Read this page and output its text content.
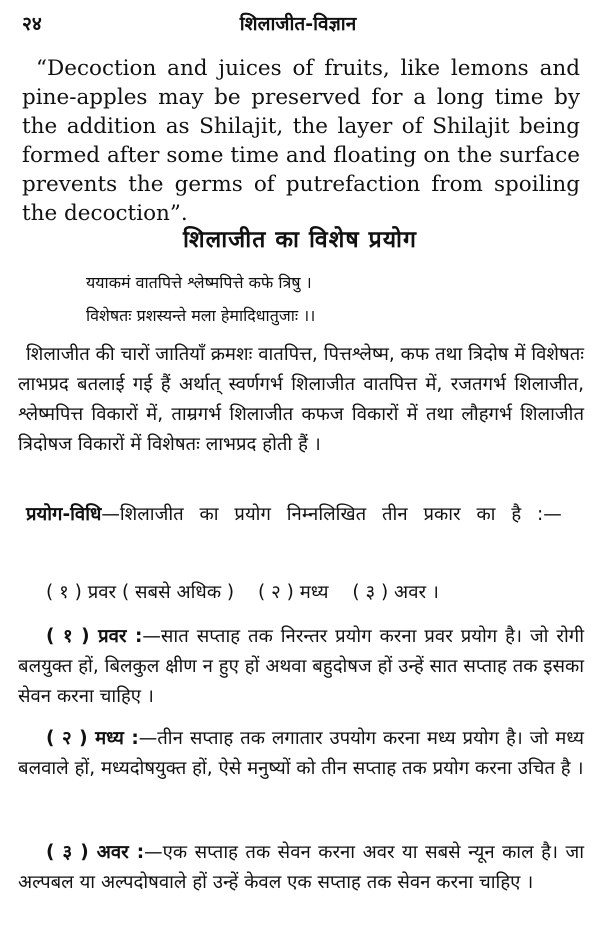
२४	शिलाजीत-विज्ञान

“Decoction and juices of fruits, like lemons and pine-apples may be preserved for a long time by the addition as Shilajit, the layer of Shilajit being formed after some time and floating on the surface prevents the germs of putrefaction from spoiling the decoction”.

शिलाजीत का विशेष प्रयोग
ययाकमं वातपित्ते श्लेष्मपित्ते कफे त्रिषु ।
विशेषतः प्रशस्यन्ते मला हेमादिधातुजाः ।।

शिलाजीत की चारों जातियाँ क्रमशः वातपित्त, पित्तश्लेष्म, कफ तथा त्रिदोष में विशेषतः लाभप्रद बतलाई गई हैं अर्थात् स्वर्णगर्भ शिलाजीत वातपित्त में, रजतगर्भ शिलाजीत, श्लेष्मपित्त विकारों में, ताम्रगर्भ शिलाजीत कफज विकारों में तथा लौहगर्भ शिलाजीत त्रिदोषज विकारों में विशेषतः लाभप्रद होती हैं ।

प्रयोग-विधि—शिलाजीत का प्रयोग निम्नलिखित तीन प्रकार का है :—

( १ ) प्रवर ( सबसे अधिक ) ( २ ) मध्य ( ३ ) अवर ।

( १ ) प्रवर :—सात सप्ताह तक निरन्तर प्रयोग करना प्रवर प्रयोग है। जो रोगी बलयुक्त हों, बिलकुल क्षीण न हुए हों अथवा बहुदोषज हों उन्हें सात सप्ताह तक इसका सेवन करना चाहिए ।

( २ ) मध्य :—तीन सप्ताह तक लगातार उपयोग करना मध्य प्रयोग है। जो मध्य बलवाले हों, मध्यदोषयुक्त हों, ऐसे मनुष्यों को तीन सप्ताह तक प्रयोग करना उचित है ।

( ३ ) अवर :—एक सप्ताह तक सेवन करना अवर या सबसे न्यून काल है। जा अल्पबल या अल्पदोषवाले हों उन्हें केवल एक सप्ताह तक सेवन करना चाहिए ।
